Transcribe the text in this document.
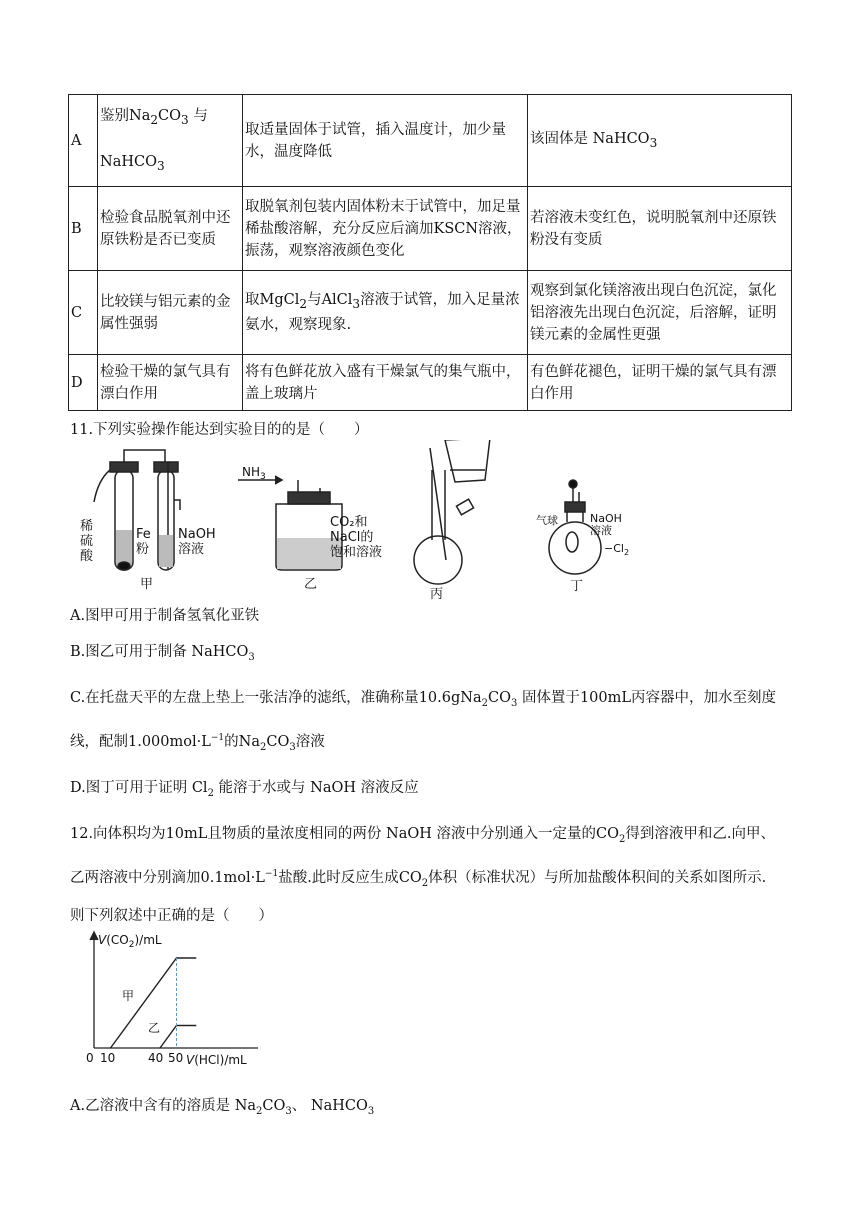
A	鉴别$Na_2CO_3$ 与
NaHCO$_3$	取适量固体于试管，插入温度计，加少量水，温度降低	该固体是 NaHCO$_3$
B	检验食品脱氧剂中还原铁粉是否已变质	取脱氧剂包装内固体粉末于试管中，加足量稀盐酸溶解，充分反应后滴加KSCN溶液，振荡，观察溶液颜色变化	若溶液未变红色，说明脱氧剂中还原铁粉没有变质
C	比较镁与铝元素的金属性强弱	取MgCl$_2$与AlCl$_3$溶液于试管，加入足量浓氨水，观察现象.	观察到氯化镁溶液出现白色沉淀，氯化铝溶液先出现白色沉淀，后溶解，证明镁元素的金属性更强
D	检验干燥的氯气具有漂白作用	将有色鲜花放入盛有干燥氯气的集气瓶中，盖上玻璃片	有色鲜花褪色，证明干燥的氯气具有漂白作用
11.下列实验操作能达到实验目的的是（　　）
稀硫酸
Fe 粉
NaOH 溶液
甲
$NH_3$
CO₂和 NaCl的饱和溶液
乙
丙
气球	NaOH 溶液
$-Cl_2$
丁
A.图甲可用于制备氢氧化亚铁
B.图乙可用于制备 NaHCO$_3$
C.在托盘天平的左盘上垫上一张洁净的滤纸，准确称量$10.6gNa_2CO_3$ 固体置于100mL丙容器中，加水至刻度
线，配制$1.000mol\cdot L^{-1}$的$Na_2CO_3$溶液
D.图丁可用于证明 $Cl_2$ 能溶于水或与 NaOH 溶液反应
12.向体积均为10mL且物质的量浓度相同的两份 NaOH 溶液中分别通入一定量的$CO_2$得到溶液甲和乙.向甲、
乙两溶液中分别滴加$0.1mol\cdot L^{-1}$盐酸.此时反应生成$CO_2$体积（标准状况）与所加盐酸体积间的关系如图所示.
则下列叙述中正确的是（　　）
$V(CO_2)/mL$
0 10	40 50 V(HCl)/mL
甲
乙
A.乙溶液中含有的溶质是 $Na_2CO_3$、 NaHCO$_3$
